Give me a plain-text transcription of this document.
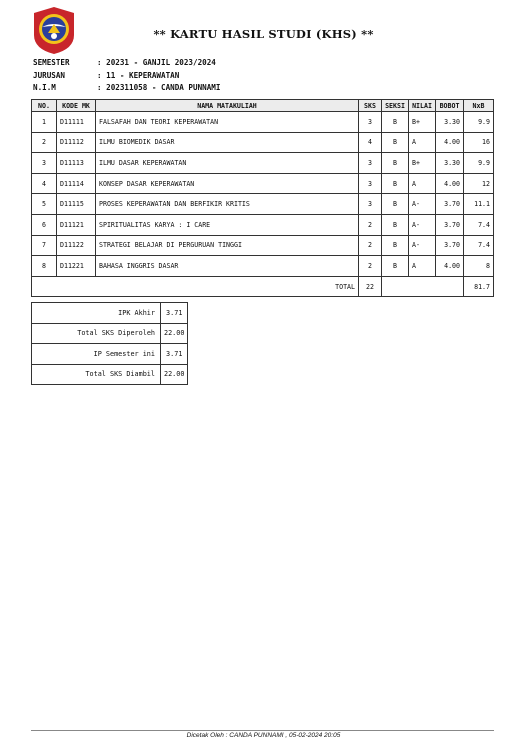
** KARTU HASIL STUDI (KHS) **
SEMESTER	: 20231 - GANJIL 2023/2024
JURUSAN	: 11 - KEPERAWATAN
N.I.M	: 202311058 - CANDA PUNNAMI
NO.	KODE MK	NAMA MATAKULIAH	SKS	SEKSI	NILAI	BOBOT	NxB
1	D11111	FALSAFAH DAN TEORI KEPERAWATAN	3	B	B+	3.30	9.9
2	D11112	ILMU BIOMEDIK DASAR	4	B	A	4.00	16
3	D11113	ILMU DASAR KEPERAWATAN	3	B	B+	3.30	9.9
4	D11114	KONSEP DASAR KEPERAWATAN	3	B	A	4.00	12
5	D11115	PROSES KEPERAWATAN DAN BERFIKIR KRITIS	3	B	A-	3.70	11.1
6	D11121	SPIRITUALITAS KARYA : I CARE	2	B	A-	3.70	7.4
7	D11122	STRATEGI BELAJAR DI PERGURUAN TINGGI	2	B	A-	3.70	7.4
8	D11221	BAHASA INGGRIS DASAR	2	B	A	4.00	8
TOTAL			22				81.7
IPK Akhir	3.71
Total SKS Diperoleh	22.00
IP Semester ini	3.71
Total SKS Diambil	22.00
Dicetak Oleh : CANDA PUNNAMI , 05-02-2024 20:05
